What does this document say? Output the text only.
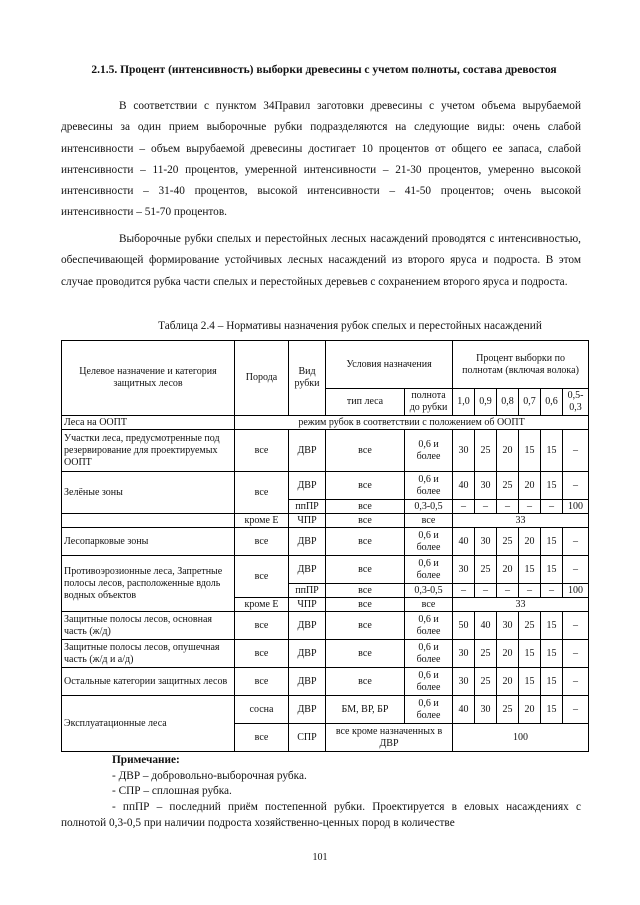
2.1.5. Процент (интенсивность) выборки древесины с учетом полноты, состава древостоя

В соответствии с пунктом 34Правил заготовки древесины с учетом объема вырубаемой древесины за один прием выборочные рубки подразделяются на следующие виды: очень слабой интенсивности – объем вырубаемой древесины достигает 10 процентов от общего ее запаса, слабой интенсивности – 11-20 процентов, умеренной интенсивности – 21-30 процентов, умеренно высокой интенсивности – 31-40 процентов, высокой интенсивности – 41-50 процентов; очень высокой интенсивности – 51-70 процентов.

Выборочные рубки спелых и перестойных лесных насаждений проводятся с интенсивностью, обеспечивающей формирование устойчивых лесных насаждений из второго яруса и подроста. В этом случае проводится рубка части спелых и перестойных деревьев с сохранением второго яруса и подроста.

Таблица 2.4 – Нормативы назначения рубок спелых и перестойных насаждений
Целевое назначение и категория защитных лесов	Порода	Вид рубки	Условия назначения		Процент выборки по полнотам (включая волока)					
			тип леса	полнота до рубки	1,0	0,9	0,8	0,7	0,6	0,5-0,3
Леса на ООПТ	режим рубок в соответствии с положением об ООПТ									
Участки леса, предусмотренные под резервирование для проектируемых ООПТ	все	ДВР	все	0,6 и более	30	25	20	15	15	–
Зелёные зоны	все	ДВР	все	0,6 и более	40	30	25	20	15	–
		ппПР	все	0,3-0,5	–	–	–	–	–	100
	кроме Е	ЧПР	все	все	33					
Лесопарковые зоны	все	ДВР	все	0,6 и более	40	30	25	20	15	–
Противоэрозионные леса, Запретные полосы лесов, расположенные вдоль водных объектов	все	ДВР	все	0,6 и более	30	25	20	15	15	–
		ппПР	все	0,3-0,5	–	–	–	–	–	100
	кроме Е	ЧПР	все	все	33					
Защитные полосы лесов, основная часть (ж/д)	все	ДВР	все	0,6 и более	50	40	30	25	15	–
Защитные полосы лесов, опушечная часть (ж/д и а/д)	все	ДВР	все	0,6 и более	30	25	20	15	15	–
Остальные категории защитных лесов	все	ДВР	все	0,6 и более	30	25	20	15	15	–
Эксплуатационные леса	сосна	ДВР	БМ, ВР, БР	0,6 и более	40	30	25	20	15	–
	все	СПР	все кроме назначенных в ДВР		100					
Примечание:
- ДВР – добровольно-выборочная рубка.
- СПР – сплошная рубка.
- ппПР – последний приём постепенной рубки. Проектируется в еловых насаждениях с полнотой 0,3-0,5 при наличии подроста хозяйственно-ценных пород в количестве
101
